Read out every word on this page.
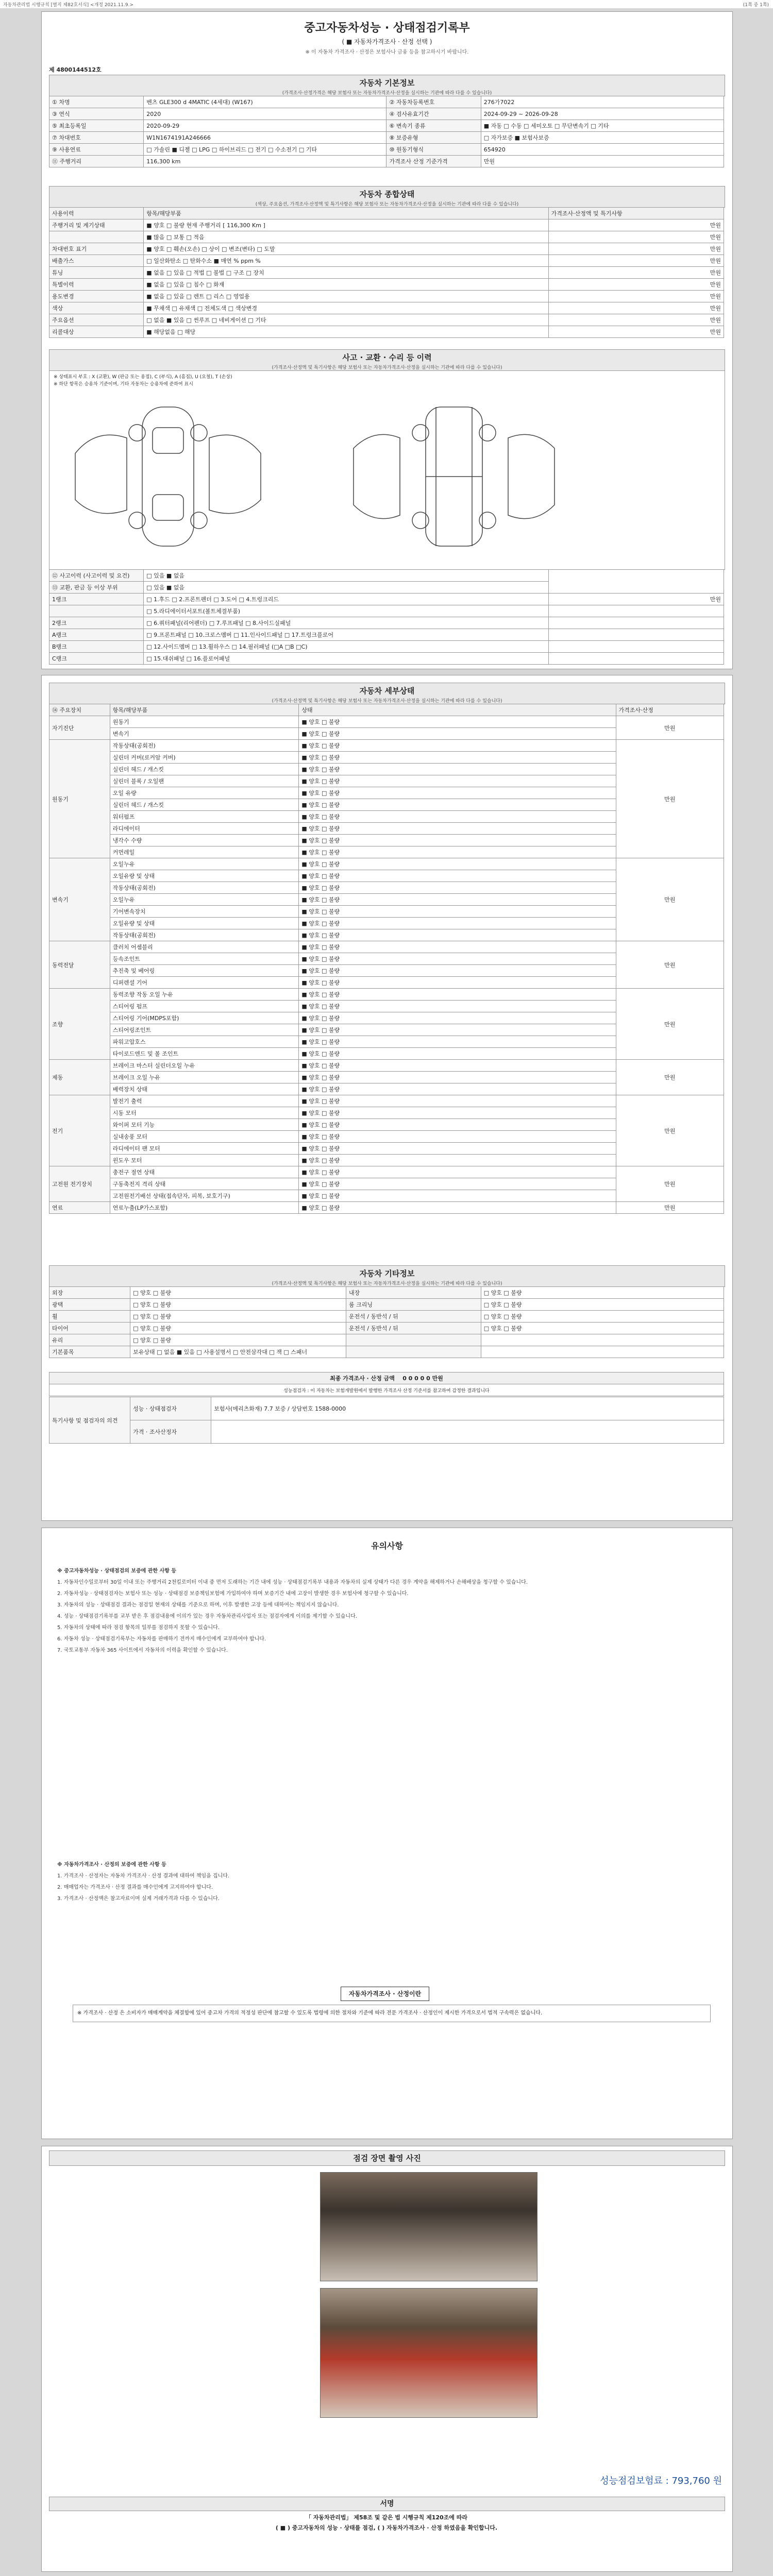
자동차관리법 시행규칙 [별지 제82호서식] <개정 2021.11.9.>	(1쪽 중 1쪽)
중고자동차성능 · 상태점검기록부
( ■ 자동차가격조사 · 산정 선택 )
※ 이 자동차 가격조사 · 산정은 보험사나 금융 등을 참고하시기 바랍니다.
제 4800144512호
자동차 기본정보
(가격조사·산정가격은 해당 보험사 또는 자동차가격조사·산정을 실시하는 기관에 따라 다를 수 있습니다)
① 차명	벤츠 GLE300 d 4MATIC (4세대) (W167)	② 자동차등록번호	276가7022
③ 연식	2020	④ 검사유효기간	2024-09-29 ~ 2026-09-28
⑤ 최초등록일	2020-09-29	⑥ 변속기 종류	■ 자동 □ 수동 □ 세미오토 □ 무단변속기 □ 기타
⑦ 차대번호	W1N1674191A246666	⑧ 보증유형	□ 자가보증 ■ 보험사보증
⑨ 사용연료	□ 가솔린 ■ 디젤 □ LPG □ 하이브리드 □ 전기 □ 수소전기 □ 기타	⑩ 원동기형식	654920
⑪ 주행거리	116,300 km	가격조사 산정 기준가격	만원
자동차 종합상태
(색상, 주요옵션, 가격조사·산정액 및 특기사항은 해당 보험사 또는 자동차가격조사·산정을 실시하는 기관에 따라 다를 수 있습니다)
사용이력	항목/해당부품	가격조사·산정액 및 특기사항
주행거리 및 계기상태	■ 양호 □ 불량 현재 주행거리 [ 116,300 Km ]	만원
	■ 많음 □ 보통 □ 적음	만원
차대번호 표기	■ 양호 □ 훼손(오손) □ 상이 □ 변조(변타) □ 도말	만원
배출가스	□ 일산화탄소 □ 탄화수소 ■ 매연 % ppm %	만원
튜닝	■ 없음 □ 있음 □ 적법 □ 불법 □ 구조 □ 장치	만원
특별이력	■ 없음 □ 있음 □ 침수 □ 화재	만원
용도변경	■ 없음 □ 있음 □ 렌트 □ 리스 □ 영업용	만원
색상	■ 무채색 □ 유채색 □ 전체도색 □ 색상변경	만원
주요옵션	□ 없음 ■ 있음 □ 썬루프 □ 네비게이션 □ 기타	만원
리콜대상	■ 해당없음 □ 해당	만원
사고 · 교환 · 수리 등 이력
(가격조사·산정액 및 특기사항은 해당 보험사 또는 자동차가격조사·산정을 실시하는 기관에 따라 다를 수 있습니다)
※ 상태표시 부호 : X (교환), W (판금 또는 용접), C (부식), A (흠집), U (요철), T (손상)
※ 하단 항목은 승용차 기준이며, 기타 자동차는 승용차에 준하여 표시
⑫ 사고이력 (사고이력 및 요건)	□ 있음 ■ 없음	
⑬ 교환, 판금 등 이상 부위	□ 있음 ■ 없음	
1랭크	□ 1.후드 □ 2.프론트펜더 □ 3.도어 □ 4.트렁크리드	만원
	□ 5.라디에이터서포트(볼트체결부품)	
2랭크	□ 6.쿼터패널(리어펜더) □ 7.루프패널 □ 8.사이드실패널	
A랭크	□ 9.프론트패널 □ 10.크로스멤버 □ 11.인사이드패널 □ 17.트렁크플로어	
B랭크	□ 12.사이드멤버 □ 13.휠하우스 □ 14.필러패널 (□A □B □C)	
C랭크	□ 15.대쉬패널 □ 16.플로어패널	
자동차 세부상태
(가격조사·산정액 및 특기사항은 해당 보험사 또는 자동차가격조사·산정을 실시하는 기관에 따라 다를 수 있습니다)
⑭ 주요장치	항목/해당부품	상태	가격조사·산정
자기진단	원동기	■ 양호 □ 불량	만원
	변속기	■ 양호 □ 불량	
원동기	작동상태(공회전)	■ 양호 □ 불량	만원
	실린더 커버(로커암 커버)	■ 양호 □ 불량	
	실린더 헤드 / 개스킷	■ 양호 □ 불량	
	실린더 블록 / 오일팬	■ 양호 □ 불량	
	오일 유량	■ 양호 □ 불량	
	실린더 헤드 / 개스킷	■ 양호 □ 불량	
	워터펌프	■ 양호 □ 불량	
	라디에이터	■ 양호 □ 불량	
	냉각수 수량	■ 양호 □ 불량	
	커먼레일	■ 양호 □ 불량	
변속기	오일누유	■ 양호 □ 불량	만원
	오일유량 및 상태	■ 양호 □ 불량	
	작동상태(공회전)	■ 양호 □ 불량	
	오일누유	■ 양호 □ 불량	
	기어변속장치	■ 양호 □ 불량	
	오일유량 및 상태	■ 양호 □ 불량	
	작동상태(공회전)	■ 양호 □ 불량	
동력전달	클러치 어셈블리	■ 양호 □ 불량	만원
	등속조인트	■ 양호 □ 불량	
	추진축 및 베어링	■ 양호 □ 불량	
	디퍼렌셜 기어	■ 양호 □ 불량	
조향	동력조향 작동 오일 누유	■ 양호 □ 불량	만원
	스티어링 펌프	■ 양호 □ 불량	
	스티어링 기어(MDPS포함)	■ 양호 □ 불량	
	스티어링조인트	■ 양호 □ 불량	
	파워고압호스	■ 양호 □ 불량	
	타이로드엔드 및 볼 조인트	■ 양호 □ 불량	
제동	브레이크 마스터 실린더오일 누유	■ 양호 □ 불량	만원
	브레이크 오일 누유	■ 양호 □ 불량	
	배력장치 상태	■ 양호 □ 불량	
전기	발전기 출력	■ 양호 □ 불량	만원
	시동 모터	■ 양호 □ 불량	
	와이퍼 모터 기능	■ 양호 □ 불량	
	실내송풍 모터	■ 양호 □ 불량	
	라디에이터 팬 모터	■ 양호 □ 불량	
	윈도우 모터	■ 양호 □ 불량	
고전원 전기장치	충전구 절연 상태	■ 양호 □ 불량	만원
	구동축전지 격리 상태	■ 양호 □ 불량	
	고전원전기배선 상태(접속단자, 피복, 보호기구)	■ 양호 □ 불량	
연료	연료누출(LP가스포함)	■ 양호 □ 불량	만원
자동차 기타정보
(가격조사·산정액 및 특기사항은 해당 보험사 또는 자동차가격조사·산정을 실시하는 기관에 따라 다를 수 있습니다)
외장	□ 양호 □ 불량	내장	□ 양호 □ 불량
광택	□ 양호 □ 불량	룸 크리닝	□ 양호 □ 불량
휠	□ 양호 □ 불량	운전석 / 동반석 / 뒤	□ 양호 □ 불량
타이어	□ 양호 □ 불량	운전석 / 동반석 / 뒤	□ 양호 □ 불량
유리	□ 양호 □ 불량		
기본품목	보유상태 □ 없음 ■ 있음 □ 사용설명서 □ 안전삼각대 □ 잭 □ 스패너		
최종 가격조사 · 산정 금액 0 0 0 0 0 만원
성능점검자 : 이 자동차는 보험개발원에서 발행한 가격조사 산정 기준서를 참고하여 감정한 결과입니다
특기사항 및 점검자의 의견	성능 · 상태점검자	보험사(메리츠화재) 7.7 보증 / 상담번호 1588-0000
	가격 · 조사산정자	
유의사항

※ 중고자동차성능 · 상태점검의 보증에 관한 사항 등

1. 자동차인수일로부터 30일 이내 또는 주행거리 2천킬로미터 이내 중 먼저 도래하는 기간 내에 성능 · 상태점검기록부 내용과 자동차의 실제 상태가 다른 경우 계약을 해제하거나 손해배상을 청구할 수 있습니다.

2. 자동차성능 · 상태점검자는 보험사 또는 성능 · 상태점검 보증책임보험에 가입하여야 하며 보증기간 내에 고장이 발생한 경우 보험사에 청구할 수 있습니다.

3. 자동차의 성능 · 상태점검 결과는 점검일 현재의 상태를 기준으로 하며, 이후 발생한 고장 등에 대하여는 책임지지 않습니다.

4. 성능 · 상태점검기록부를 교부 받은 후 점검내용에 이의가 있는 경우 자동차관리사업자 또는 점검자에게 이의를 제기할 수 있습니다.

5. 자동차의 상태에 따라 점검 항목의 일부를 점검하지 못할 수 있습니다.

6. 자동차 성능 · 상태점검기록부는 자동차를 판매하기 전까지 매수인에게 교부하여야 합니다.

7. 국토교통부 자동차 365 사이트에서 자동차의 이력을 확인할 수 있습니다.

※ 자동차가격조사 · 산정의 보증에 관한 사항 등

1. 가격조사 · 산정자는 자동차 가격조사 · 산정 결과에 대하여 책임을 집니다.

2. 매매업자는 가격조사 · 산정 결과를 매수인에게 고지하여야 합니다.

3. 가격조사 · 산정액은 참고자료이며 실제 거래가격과 다를 수 있습니다.

자동차가격조사 · 산정이란
※ 가격조사 · 산정 은 소비자가 매매계약을 체결함에 있어 중고차 가격의 적정성 판단에 참고할 수 있도록 법령에 의한 절차와 기준에 따라 전문 가격조사 · 산정인이 제시한 가격으로서 법적 구속력은 없습니다.
점검 장면 촬영 사진
성능점검보험료 : 793,760 원
서명
「 자동차관리법」 제58조 및 같은 법 시행규칙 제120조에 따라
( ■ ) 중고자동차의 성능 · 상태를 점검, ( ) 자동차가격조사 · 산정 하였음을 확인합니다.
